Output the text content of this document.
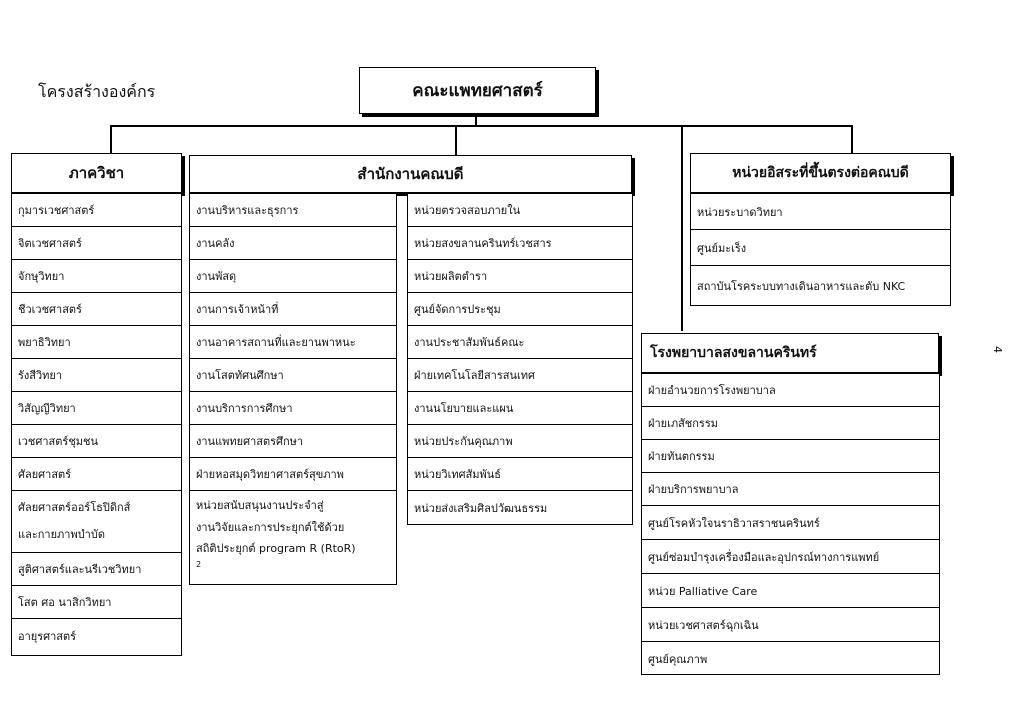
โครงสร้างองค์กร
4
คณะแพทยศาสตร์
ภาควิชา
กุมารเวชศาสตร์
จิตเวชศาสตร์
จักษุวิทยา
ชีวเวชศาสตร์
พยาธิวิทยา
รังสีวิทยา
วิสัญญีวิทยา
เวชศาสตร์ชุมชน
ศัลยศาสตร์
ศัลยศาสตร์ออร์โธปิดิกส์
และกายภาพบำบัด
สูติศาสตร์และนรีเวชวิทยา
โสต ศอ นาสิกวิทยา
อายุรศาสตร์
สำนักงานคณบดี
งานบริหารและธุรการ
งานคลัง
งานพัสดุ
งานการเจ้าหน้าที่
งานอาคารสถานที่และยานพาหนะ
งานโสตทัศนศึกษา
งานบริการการศึกษา
งานแพทยศาสตรศึกษา
ฝ่ายหอสมุดวิทยาศาสตร์สุขภาพ
หน่วยสนับสนุนงานประจำสู่
งานวิจัยและการประยุกต์ใช้ด้วย
สถิติประยุกต์ program R (RtoR)
$^2$
หน่วยตรวจสอบภายใน
หน่วยสงขลานครินทร์เวชสาร
หน่วยผลิตตำรา
ศูนย์จัดการประชุม
งานประชาสัมพันธ์คณะ
ฝ่ายเทคโนโลยีสารสนเทศ
งานนโยบายและแผน
หน่วยประกันคุณภาพ
หน่วยวิเทศสัมพันธ์
หน่วยส่งเสริมศิลปวัฒนธรรม
หน่วยอิสระที่ขึ้นตรงต่อคณบดี
หน่วยระบาดวิทยา
ศูนย์มะเร็ง
สถาบันโรคระบบทางเดินอาหารและตับ NKC
โรงพยาบาลสงขลานครินทร์
ฝ่ายอำนวยการโรงพยาบาล
ฝ่ายเภสัชกรรม
ฝ่ายทันตกรรม
ฝ่ายบริการพยาบาล
ศูนย์โรคหัวใจนราธิวาสราชนครินทร์
ศูนย์ซ่อมบำรุงเครื่องมือและอุปกรณ์ทางการแพทย์
หน่วย Palliative Care
หน่วยเวชศาสตร์ฉุกเฉิน
ศูนย์คุณภาพ
